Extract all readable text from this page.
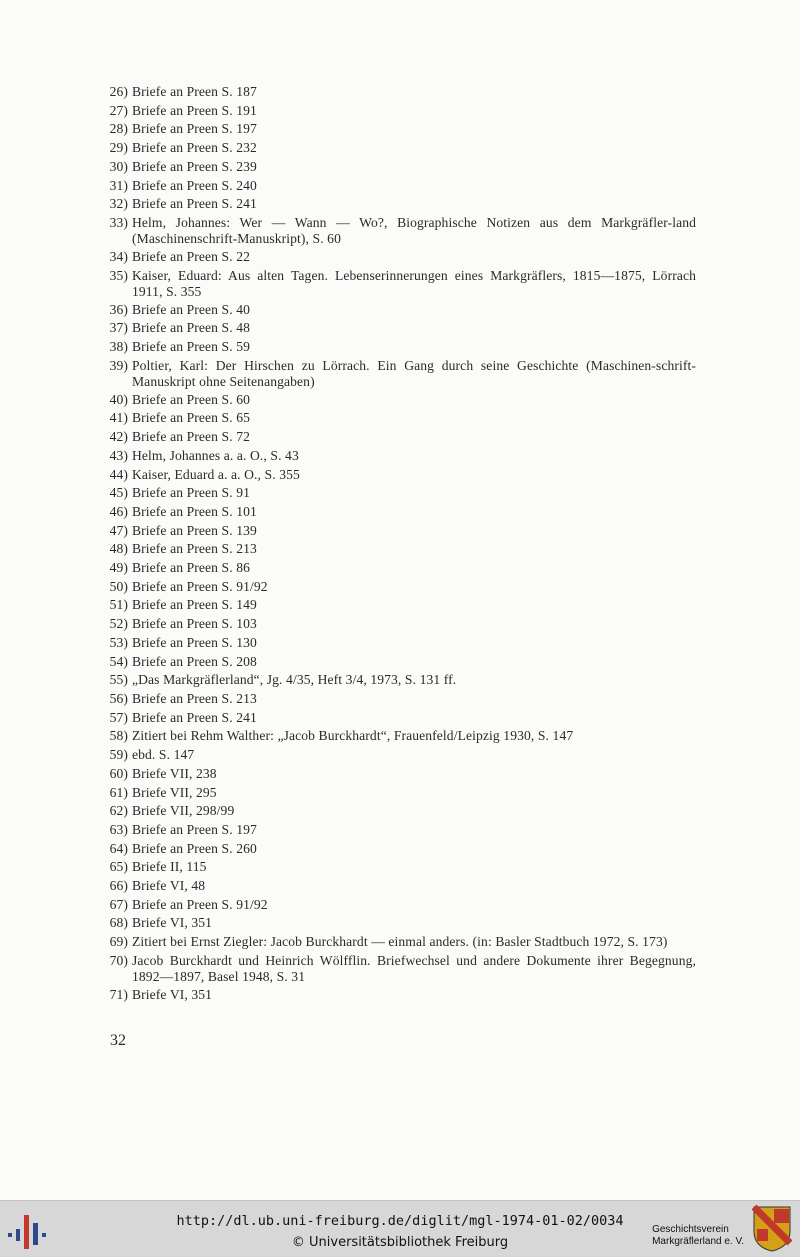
26) Briefe an Preen S. 187
27) Briefe an Preen S. 191
28) Briefe an Preen S. 197
29) Briefe an Preen S. 232
30) Briefe an Preen S. 239
31) Briefe an Preen S. 240
32) Briefe an Preen S. 241
33) Helm, Johannes: Wer — Wann — Wo?, Biographische Notizen aus dem Markgräfler-land (Maschinenschrift-Manuskript), S. 60
34) Briefe an Preen S. 22
35) Kaiser, Eduard: Aus alten Tagen. Lebenserinnerungen eines Markgräflers, 1815—1875, Lörrach 1911, S. 355
36) Briefe an Preen S. 40
37) Briefe an Preen S. 48
38) Briefe an Preen S. 59
39) Poltier, Karl: Der Hirschen zu Lörrach. Ein Gang durch seine Geschichte (Maschinen-schrift-Manuskript ohne Seitenangaben)
40) Briefe an Preen S. 60
41) Briefe an Preen S. 65
42) Briefe an Preen S. 72
43) Helm, Johannes a. a. O., S. 43
44) Kaiser, Eduard a. a. O., S. 355
45) Briefe an Preen S. 91
46) Briefe an Preen S. 101
47) Briefe an Preen S. 139
48) Briefe an Preen S. 213
49) Briefe an Preen S. 86
50) Briefe an Preen S. 91/92
51) Briefe an Preen S. 149
52) Briefe an Preen S. 103
53) Briefe an Preen S. 130
54) Briefe an Preen S. 208
55) „Das Markgräflerland“, Jg. 4/35, Heft 3/4, 1973, S. 131 ff.
56) Briefe an Preen S. 213
57) Briefe an Preen S. 241
58) Zitiert bei Rehm Walther: „Jacob Burckhardt“, Frauenfeld/Leipzig 1930, S. 147
59) ebd. S. 147
60) Briefe VII, 238
61) Briefe VII, 295
62) Briefe VII, 298/99
63) Briefe an Preen S. 197
64) Briefe an Preen S. 260
65) Briefe II, 115
66) Briefe VI, 48
67) Briefe an Preen S. 91/92
68) Briefe VI, 351
69) Zitiert bei Ernst Ziegler: Jacob Burckhardt — einmal anders. (in: Basler Stadtbuch 1972, S. 173)
70) Jacob Burckhardt und Heinrich Wölfflin. Briefwechsel und andere Dokumente ihrer Begegnung, 1892—1897, Basel 1948, S. 31
71) Briefe VI, 351
32
http://dl.ub.uni-freiburg.de/diglit/mgl-1974-01-02/0034
© Universitätsbibliothek Freiburg
Geschichtsverein
Markgräflerland e. V.
